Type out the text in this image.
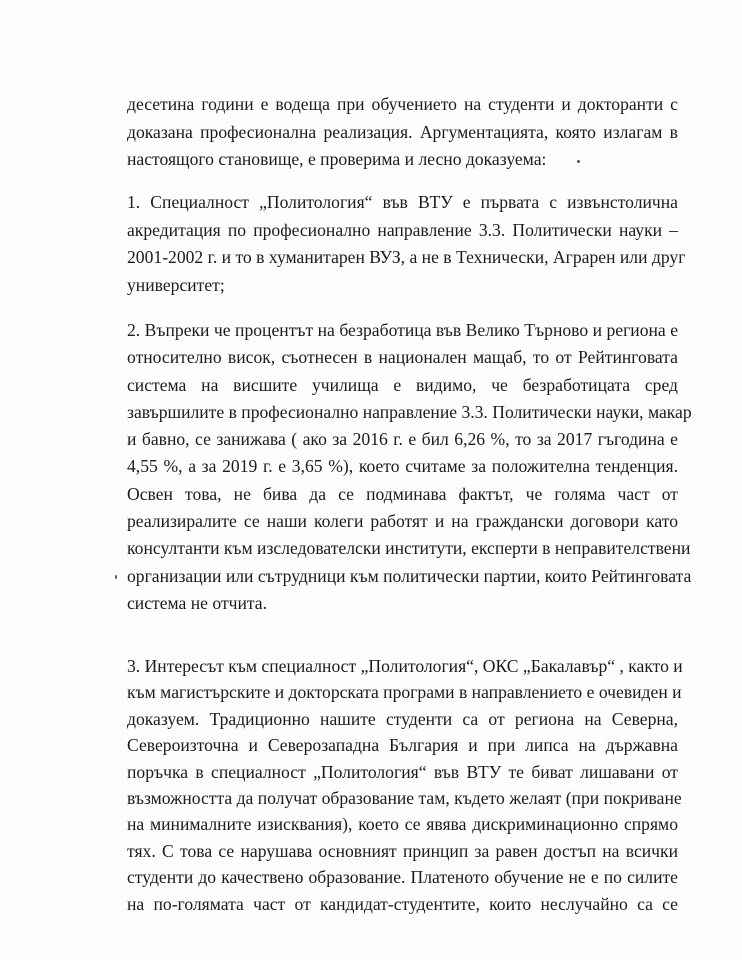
десетина години е водеща при обучението на студенти и докторанти с
доказана професионална реализация. Аргументацията, която излагам в
настоящого становище, е проверима и лесно доказуема:
1. Специалност „Политология“ във ВТУ е първата с извънстолична
акредитация по професионално направление 3.3. Политически науки –
2001-2002 г. и то в хуманитарен ВУЗ, а не в Технически, Аграрен или друг
университет;
2. Въпреки че процентът на безработица във Велико Търново и региона е
относително висок, съотнесен в национален мащаб, то от Рейтинговата
система на висшите училища е видимо, че безработицата сред
завършилите в професионално направление 3.3. Политически науки, макар
и бавно, се занижава ( ако за 2016 г. е бил 6,26 %, то за 2017 гъгодина е
4,55 %, а за 2019 г. е 3,65 %), което считаме за положителна тенденция.
Освен това, не бива да се подминава фактът, че голяма част от
реализиралите се наши колеги работят и на граждански договори като
консултанти към изследователски институти, експерти в неправителствени
организации или сътрудници към политически партии, които Рейтинговата
система не отчита.
3. Интересът към специалност „Политология“, ОКС „Бакалавър“ , както и
към магистърските и докторската програми в направлението е очевиден и
доказуем. Традиционно нашите студенти са от региона на Северна,
Североизточна и Северозападна България и при липса на държавна
поръчка в специалност „Политология“ във ВТУ те биват лишавани от
възможността да получат образование там, където желаят (при покриване
на минималните изисквания), което се явява дискриминационно спрямо
тях. С това се нарушава основният принцип за равен достъп на всички
студенти до качествено образование. Платеното обучение не е по силите
на по-голямата част от кандидат-студентите, които неслучайно са се
